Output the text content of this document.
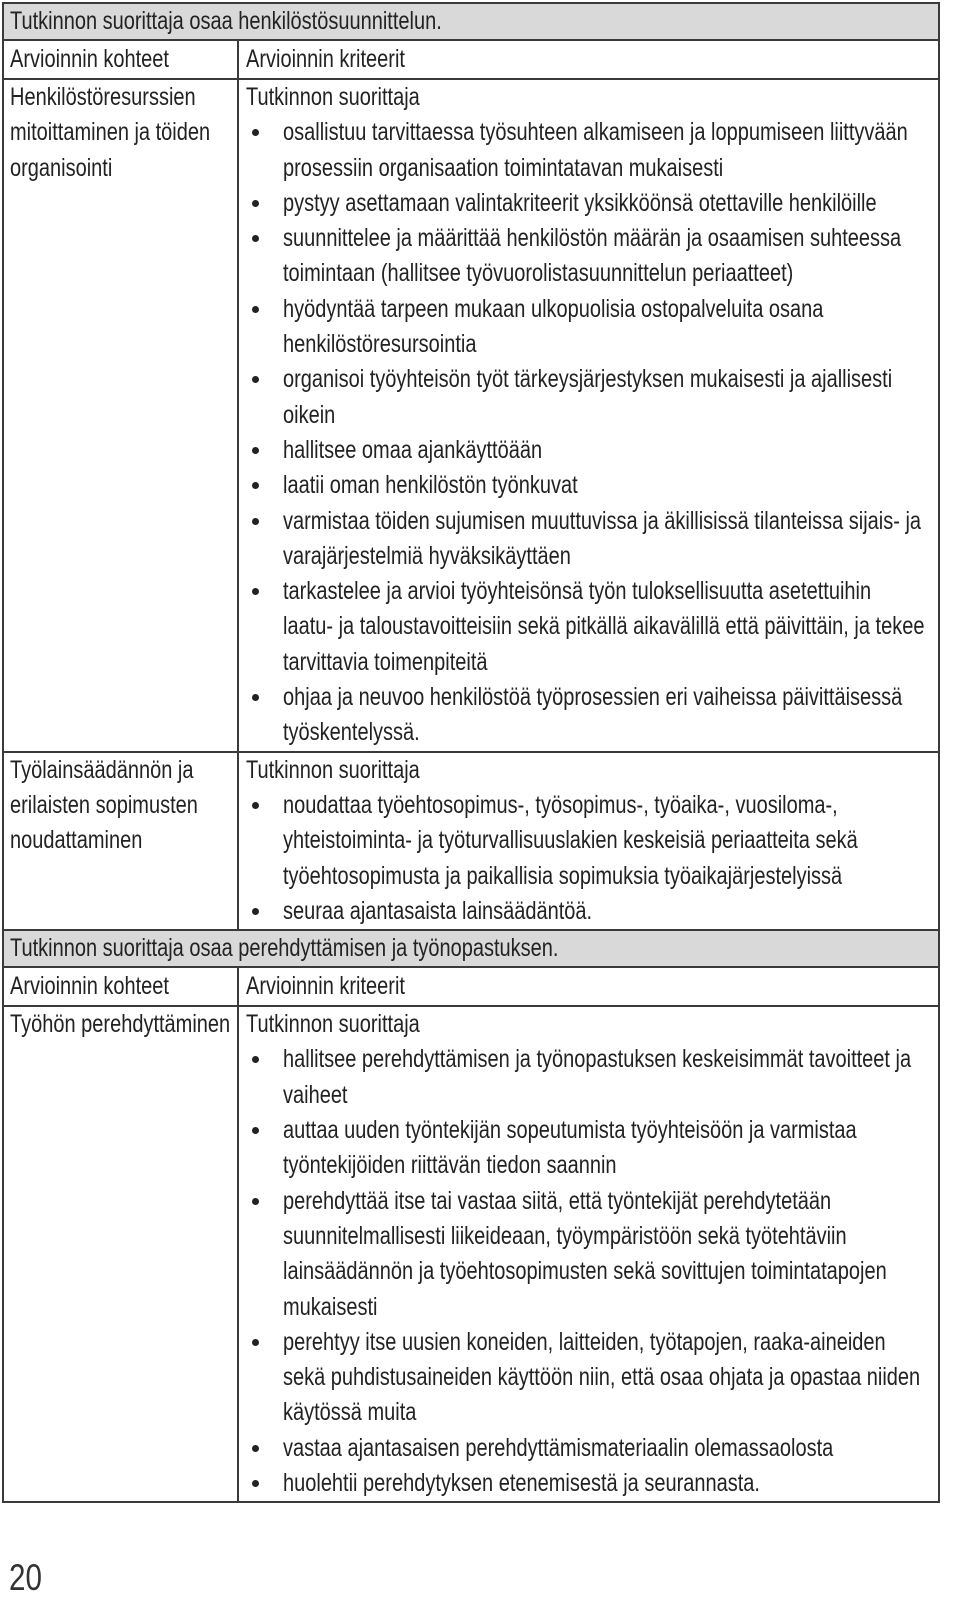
Tutkinnon suorittaja osaa henkilöstösuunnittelun.
Arvioinnin kohteet	Arvioinnin kriteerit
Henkilöstöresurssien
mitoittaminen ja töiden
organisointi
Tutkinnon suorittaja
osallistuu tarvittaessa työsuhteen alkamiseen ja loppumiseen liittyvään
prosessiin organisaation toimintatavan mukaisesti
pystyy asettamaan valintakriteerit yksikköönsä otettaville henkilöille
suunnittelee ja määrittää henkilöstön määrän ja osaamisen suhteessa
toimintaan (hallitsee työvuorolistasuunnittelun periaatteet)
hyödyntää tarpeen mukaan ulkopuolisia ostopalveluita osana
henkilöstöresursointia
organisoi työyhteisön työt tärkeysjärjestyksen mukaisesti ja ajallisesti
oikein
hallitsee omaa ajankäyttöään
laatii oman henkilöstön työnkuvat
varmistaa töiden sujumisen muuttuvissa ja äkillisissä tilanteissa sijais- ja
varajärjestelmiä hyväksikäyttäen
tarkastelee ja arvioi työyhteisönsä työn tuloksellisuutta asetettuihin
laatu- ja taloustavoitteisiin sekä pitkällä aikavälillä että päivittäin, ja tekee
tarvittavia toimenpiteitä
ohjaa ja neuvoo henkilöstöä työprosessien eri vaiheissa päivittäisessä
työskentelyssä.
Työlainsäädännön ja
erilaisten sopimusten
noudattaminen
Tutkinnon suorittaja
noudattaa työehtosopimus-, työsopimus-, työaika-, vuosiloma-,
yhteistoiminta- ja työturvallisuuslakien keskeisiä periaatteita sekä
työehtosopimusta ja paikallisia sopimuksia työaikajärjestelyissä
seuraa ajantasaista lainsäädäntöä.
Tutkinnon suorittaja osaa perehdyttämisen ja työnopastuksen.
Arvioinnin kohteet	Arvioinnin kriteerit
Työhön perehdyttäminen Tutkinnon suorittaja
hallitsee perehdyttämisen ja työnopastuksen keskeisimmät tavoitteet ja
vaiheet
auttaa uuden työntekijän sopeutumista työyhteisöön ja varmistaa
työntekijöiden riittävän tiedon saannin
perehdyttää itse tai vastaa siitä, että työntekijät perehdytetään
suunnitelmallisesti liikeideaan, työympäristöön sekä työtehtäviin
lainsäädännön ja työehtosopimusten sekä sovittujen toimintatapojen
mukaisesti
perehtyy itse uusien koneiden, laitteiden, työtapojen, raaka-aineiden
sekä puhdistusaineiden käyttöön niin, että osaa ohjata ja opastaa niiden
käytössä muita
vastaa ajantasaisen perehdyttämismateriaalin olemassaolosta
huolehtii perehdytyksen etenemisestä ja seurannasta.
20
